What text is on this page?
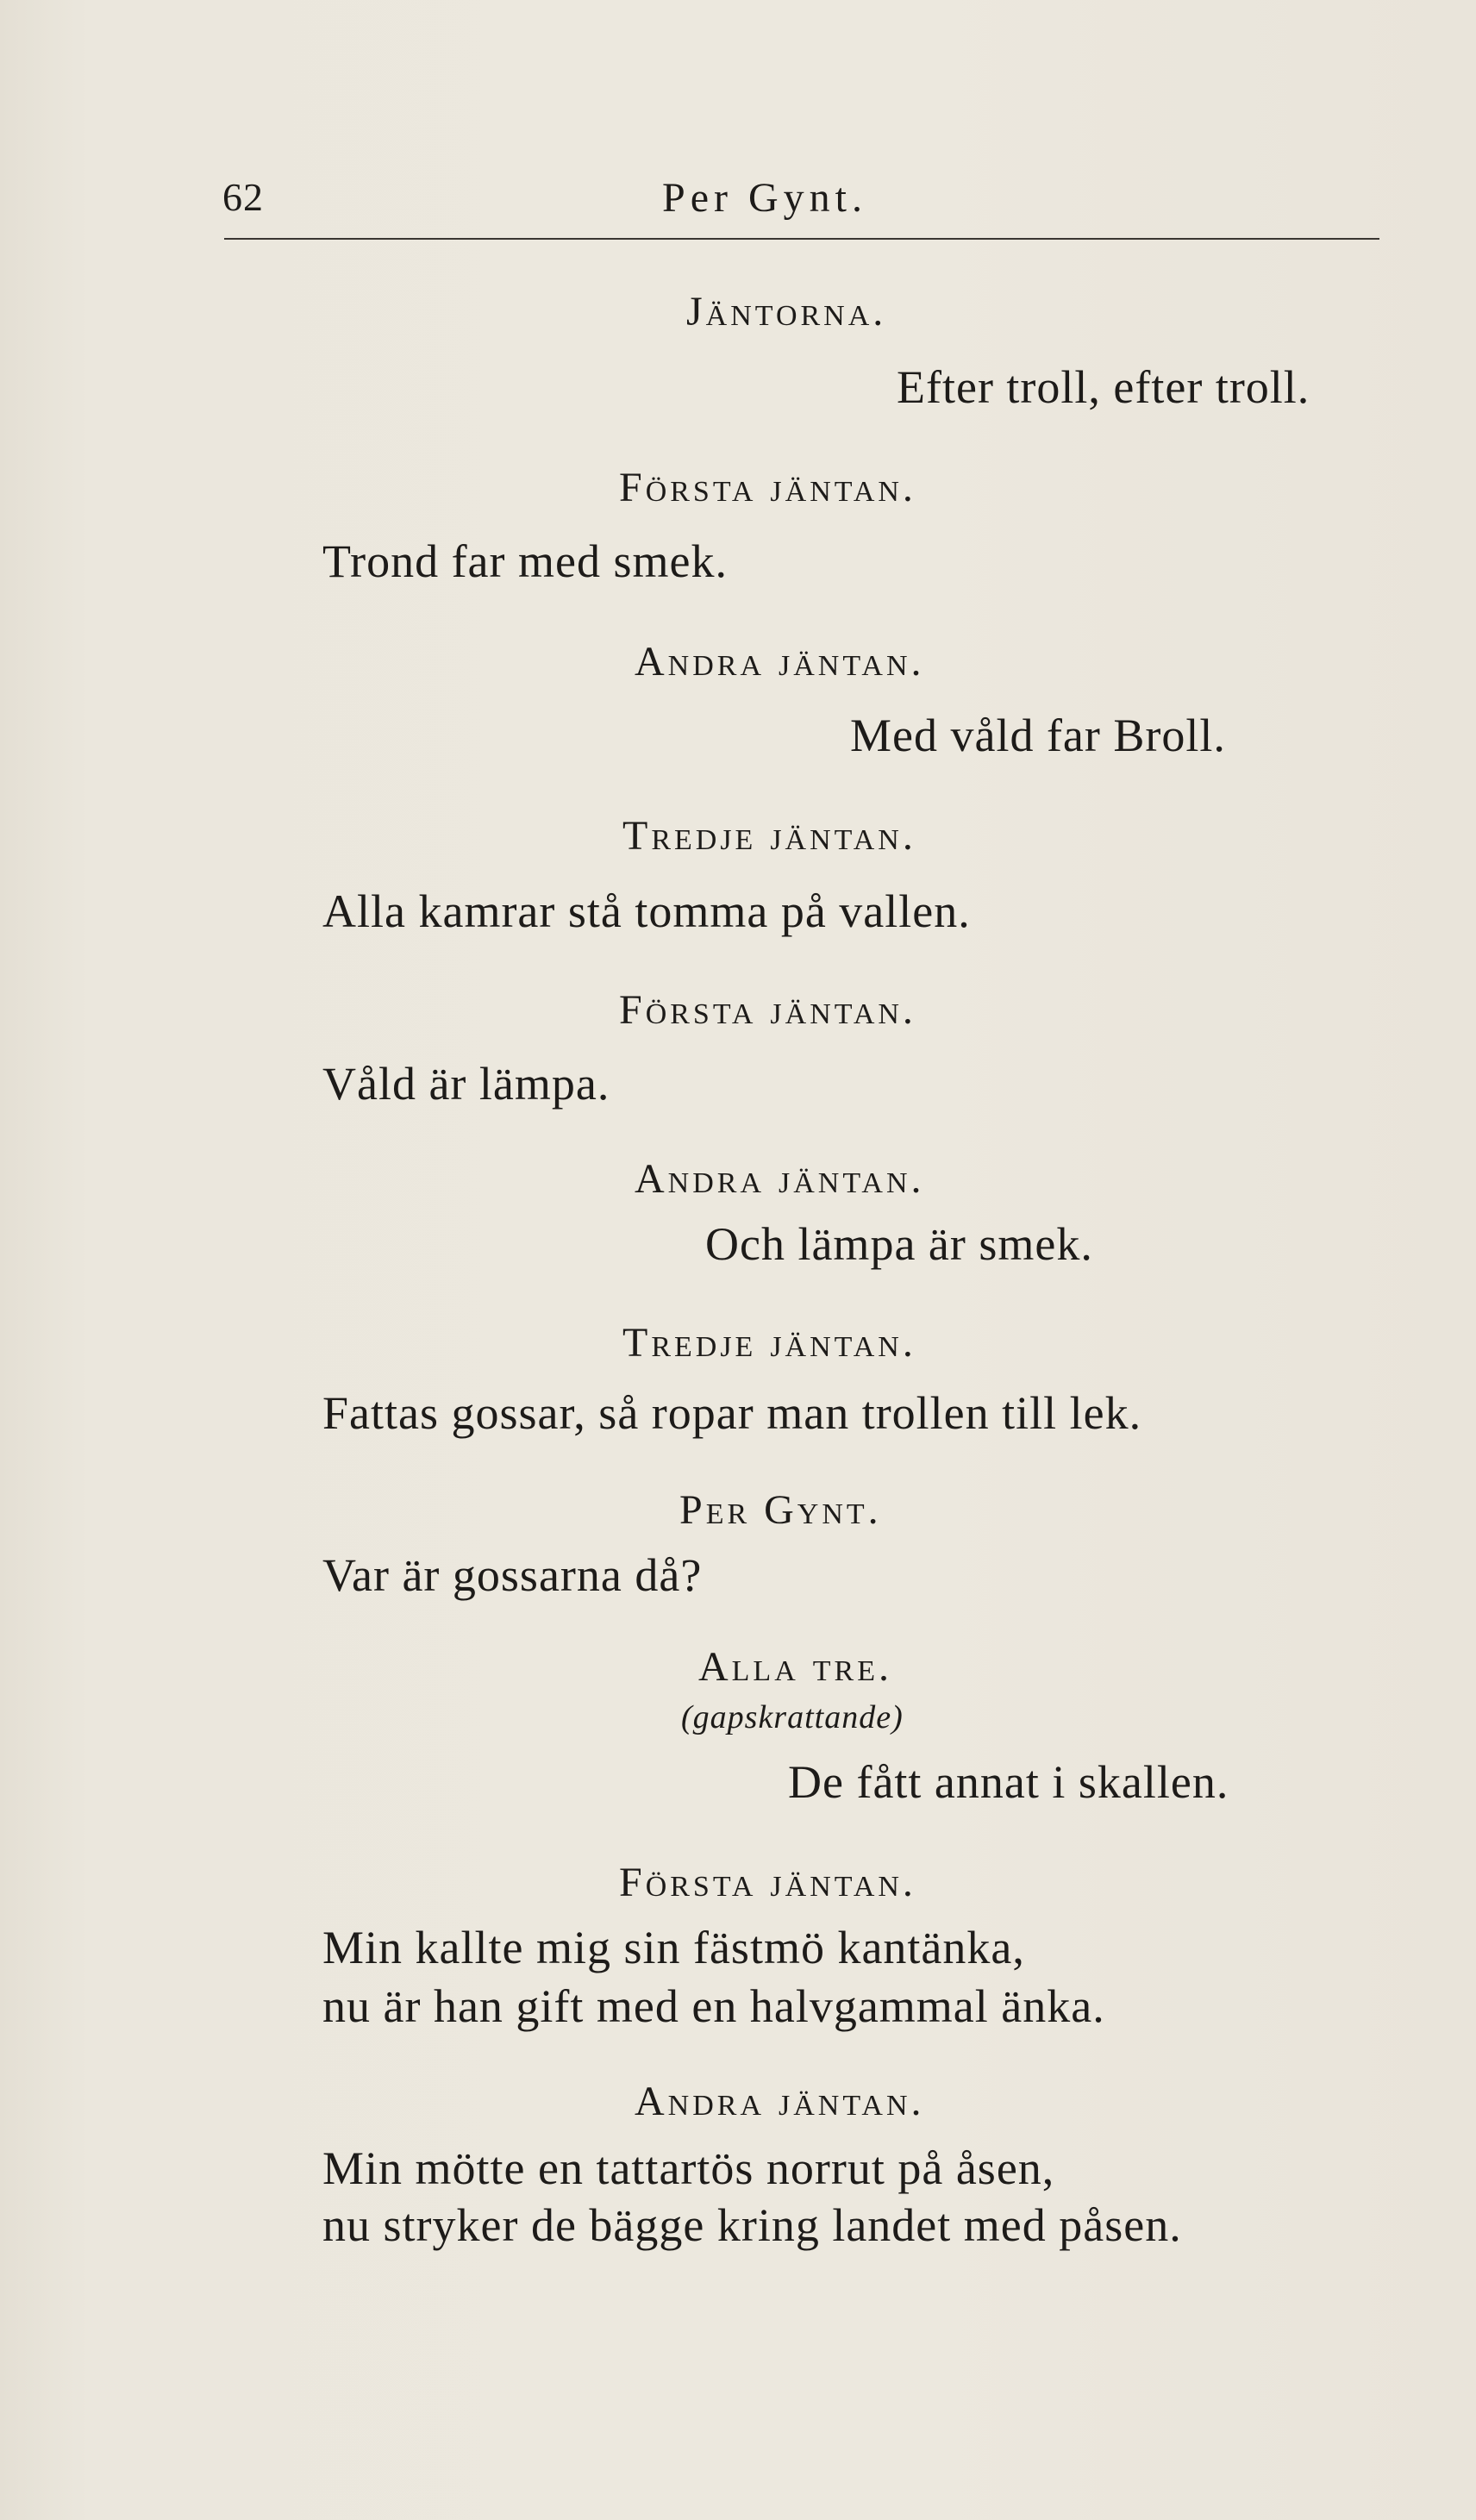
62	Per Gynt.
Jäntorna.
Efter troll, efter troll.
Första jäntan.
Trond far med smek.
Andra jäntan.
Med våld far Broll.
Tredje jäntan.
Alla kamrar stå tomma på vallen.
Första jäntan.
Våld är lämpa.
Andra jäntan.
Och lämpa är smek.
Tredje jäntan.
Fattas gossar, så ropar man trollen till lek.
Per Gynt.
Var är gossarna då?
Alla tre.
(gapskrattande)
De fått annat i skallen.
Första jäntan.
Min kallte mig sin fästmö kantänka,
nu är han gift med en halvgammal änka.
Andra jäntan.
Min mötte en tattartös norrut på åsen,
nu stryker de bägge kring landet med påsen.
